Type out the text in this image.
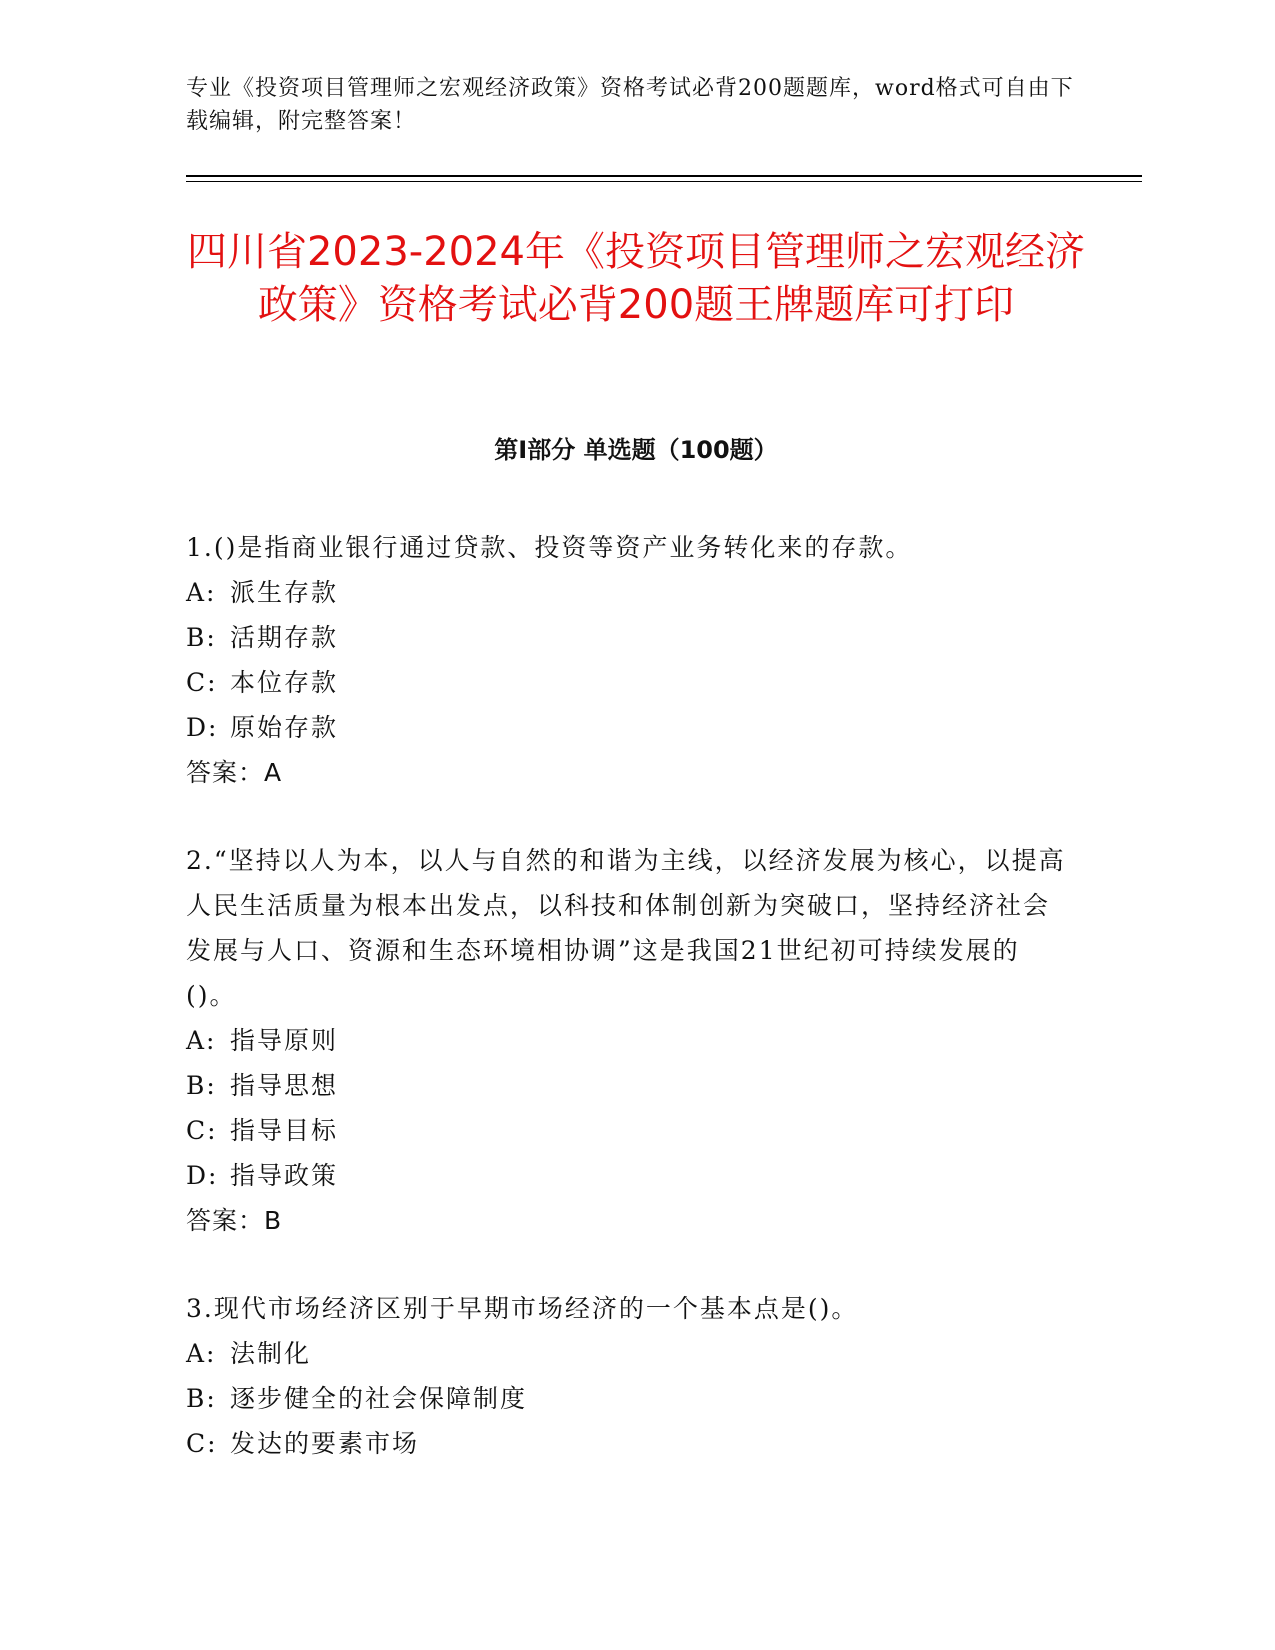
专业《投资项目管理师之宏观经济政策》资格考试必背200题题库，word格式可自由下载编辑，附完整答案！
四川省2023-2024年《投资项目管理师之宏观经济政策》资格考试必背200题王牌题库可打印
第I部分 单选题（100题）
1.()是指商业银行通过贷款、投资等资产业务转化来的存款。
A: 派生存款
B: 活期存款
C: 本位存款
D: 原始存款
答案：A
2.“坚持以人为本，以人与自然的和谐为主线，以经济发展为核心，以提高人民生活质量为根本出发点，以科技和体制创新为突破口，坚持经济社会发展与人口、资源和生态环境相协调”这是我国21世纪初可持续发展的()。
A: 指导原则
B: 指导思想
C: 指导目标
D: 指导政策
答案：B
3.现代市场经济区别于早期市场经济的一个基本点是()。
A: 法制化
B: 逐步健全的社会保障制度
C: 发达的要素市场
